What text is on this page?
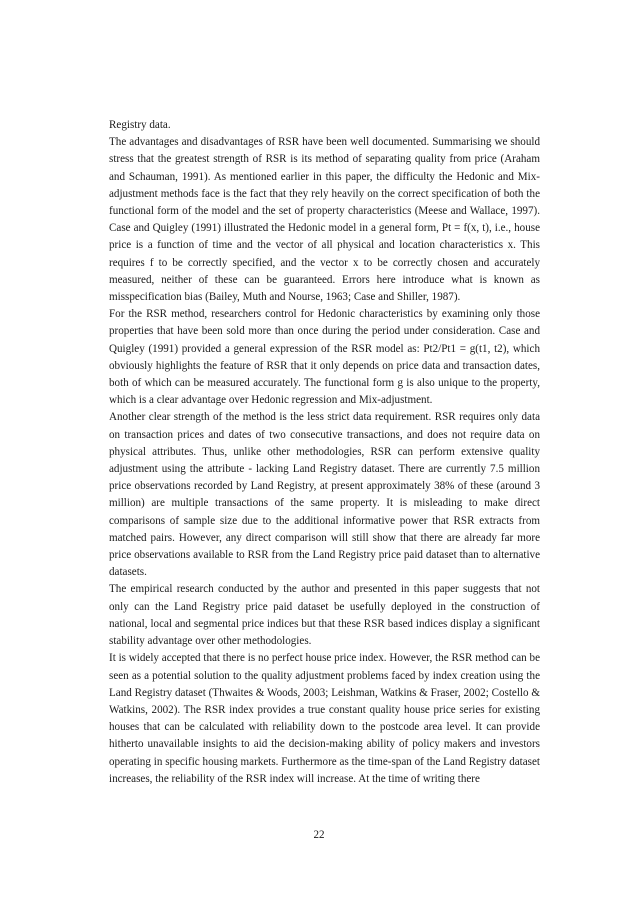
Registry data.

The advantages and disadvantages of RSR have been well documented. Summarising we should stress that the greatest strength of RSR is its method of separating quality from price (Araham and Schauman, 1991). As mentioned earlier in this paper, the difficulty the Hedonic and Mix-adjustment methods face is the fact that they rely heavily on the correct specification of both the functional form of the model and the set of property characteristics (Meese and Wallace, 1997). Case and Quigley (1991) illustrated the Hedonic model in a general form, Pt = f(x, t), i.e., house price is a function of time and the vector of all physical and location characteristics x. This requires f to be correctly specified, and the vector x to be correctly chosen and accurately measured, neither of these can be guaranteed. Errors here introduce what is known as misspecification bias (Bailey, Muth and Nourse, 1963; Case and Shiller, 1987).

For the RSR method, researchers control for Hedonic characteristics by examining only those properties that have been sold more than once during the period under consideration. Case and Quigley (1991) provided a general expression of the RSR model as: Pt2/Pt1 = g(t1, t2), which obviously highlights the feature of RSR that it only depends on price data and transaction dates, both of which can be measured accurately. The functional form g is also unique to the property, which is a clear advantage over Hedonic regression and Mix-adjustment.

Another clear strength of the method is the less strict data requirement. RSR requires only data on transaction prices and dates of two consecutive transactions, and does not require data on physical attributes. Thus, unlike other methodologies, RSR can perform extensive quality adjustment using the attribute - lacking Land Registry dataset. There are currently 7.5 million price observations recorded by Land Registry, at present approximately 38% of these (around 3 million) are multiple transactions of the same property. It is misleading to make direct comparisons of sample size due to the additional informative power that RSR extracts from matched pairs. However, any direct comparison will still show that there are already far more price observations available to RSR from the Land Registry price paid dataset than to alternative datasets.

The empirical research conducted by the author and presented in this paper suggests that not only can the Land Registry price paid dataset be usefully deployed in the construction of national, local and segmental price indices but that these RSR based indices display a significant stability advantage over other methodologies.

It is widely accepted that there is no perfect house price index. However, the RSR method can be seen as a potential solution to the quality adjustment problems faced by index creation using the Land Registry dataset (Thwaites & Woods, 2003; Leishman, Watkins & Fraser, 2002; Costello & Watkins, 2002). The RSR index provides a true constant quality house price series for existing houses that can be calculated with reliability down to the postcode area level. It can provide hitherto unavailable insights to aid the decision-making ability of policy makers and investors operating in specific housing markets. Furthermore as the time-span of the Land Registry dataset increases, the reliability of the RSR index will increase. At the time of writing there

22
